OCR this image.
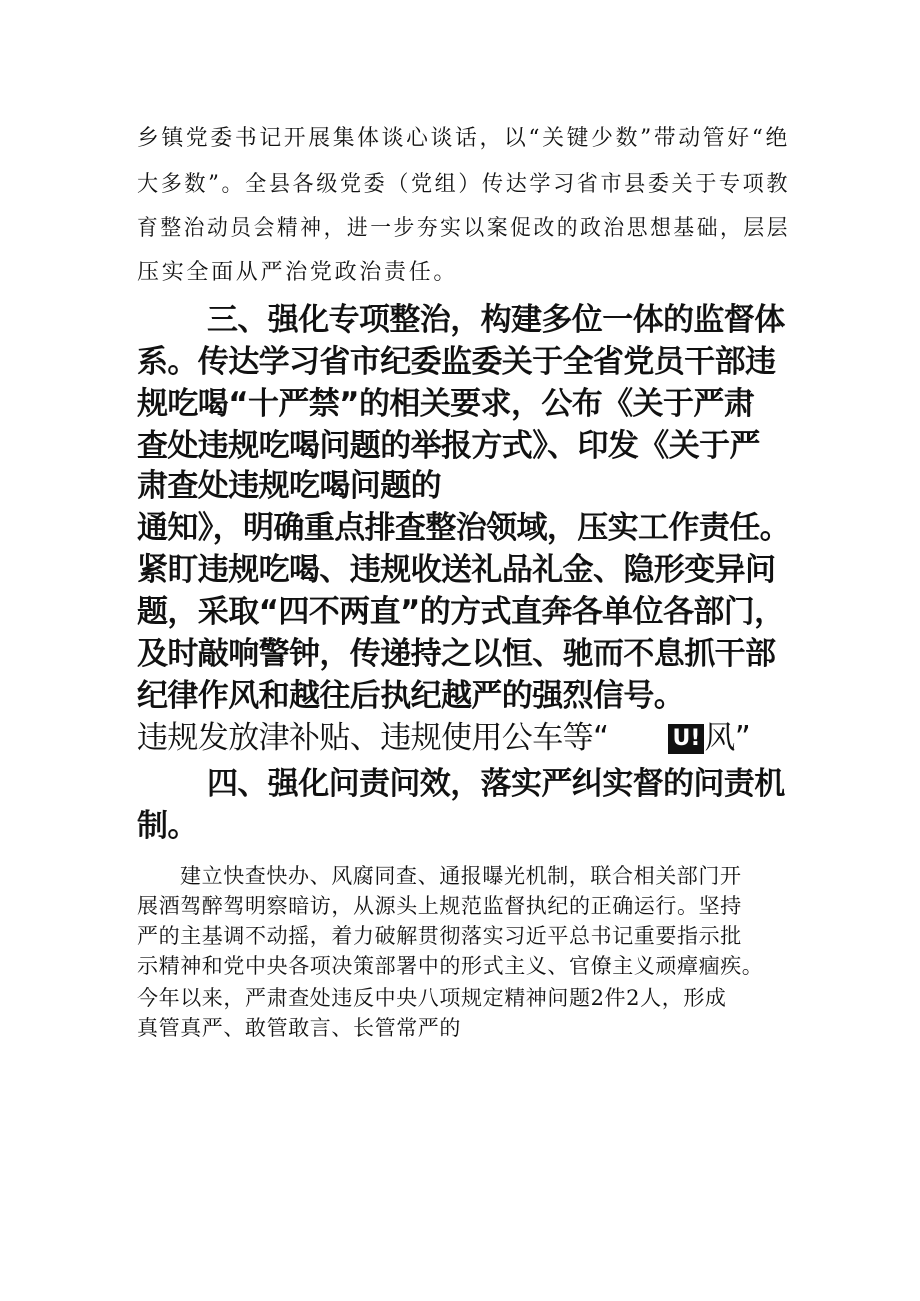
乡镇党委书记开展集体谈心谈话，以“关键少数”带动管好“绝

大多数”。全县各级党委（党组）传达学习省市县委关于专项教

育整治动员会精神，进一步夯实以案促改的政治思想基础，层层

压实全面从严治党政治责任。

三、强化专项整治，构建多位一体的监督体

系。传达学习省市纪委监委关于全省党员干部违

规吃喝“十严禁”的相关要求，公布《关于严肃

查处违规吃喝问题的举报方式》、印发《关于严

肃查处违规吃喝问题的

通知》，明确重点排查整治领域，压实工作责任。

紧盯违规吃喝、违规收送礼品礼金、隐形变异问

题，采取“四不两直”的方式直奔各单位各部门，

及时敲响警钟，传递持之以恒、驰而不息抓干部

纪律作风和越往后执纪越严的强烈信号。

违规发放津补贴、违规使用公车等“	U! 风”

四、强化问责问效，落实严纠实督的问责机

制。

建立快查快办、风腐同查、通报曝光机制，联合相关部门开

展酒驾醉驾明察暗访，从源头上规范监督执纪的正确运行。坚持

严的主基调不动摇，着力破解贯彻落实习近平总书记重要指示批

示精神和党中央各项决策部署中的形式主义、官僚主义顽瘴痼疾。

今年以来，严肃查处违反中央八项规定精神问题2件2人，形成

真管真严、敢管敢言、长管常严的
